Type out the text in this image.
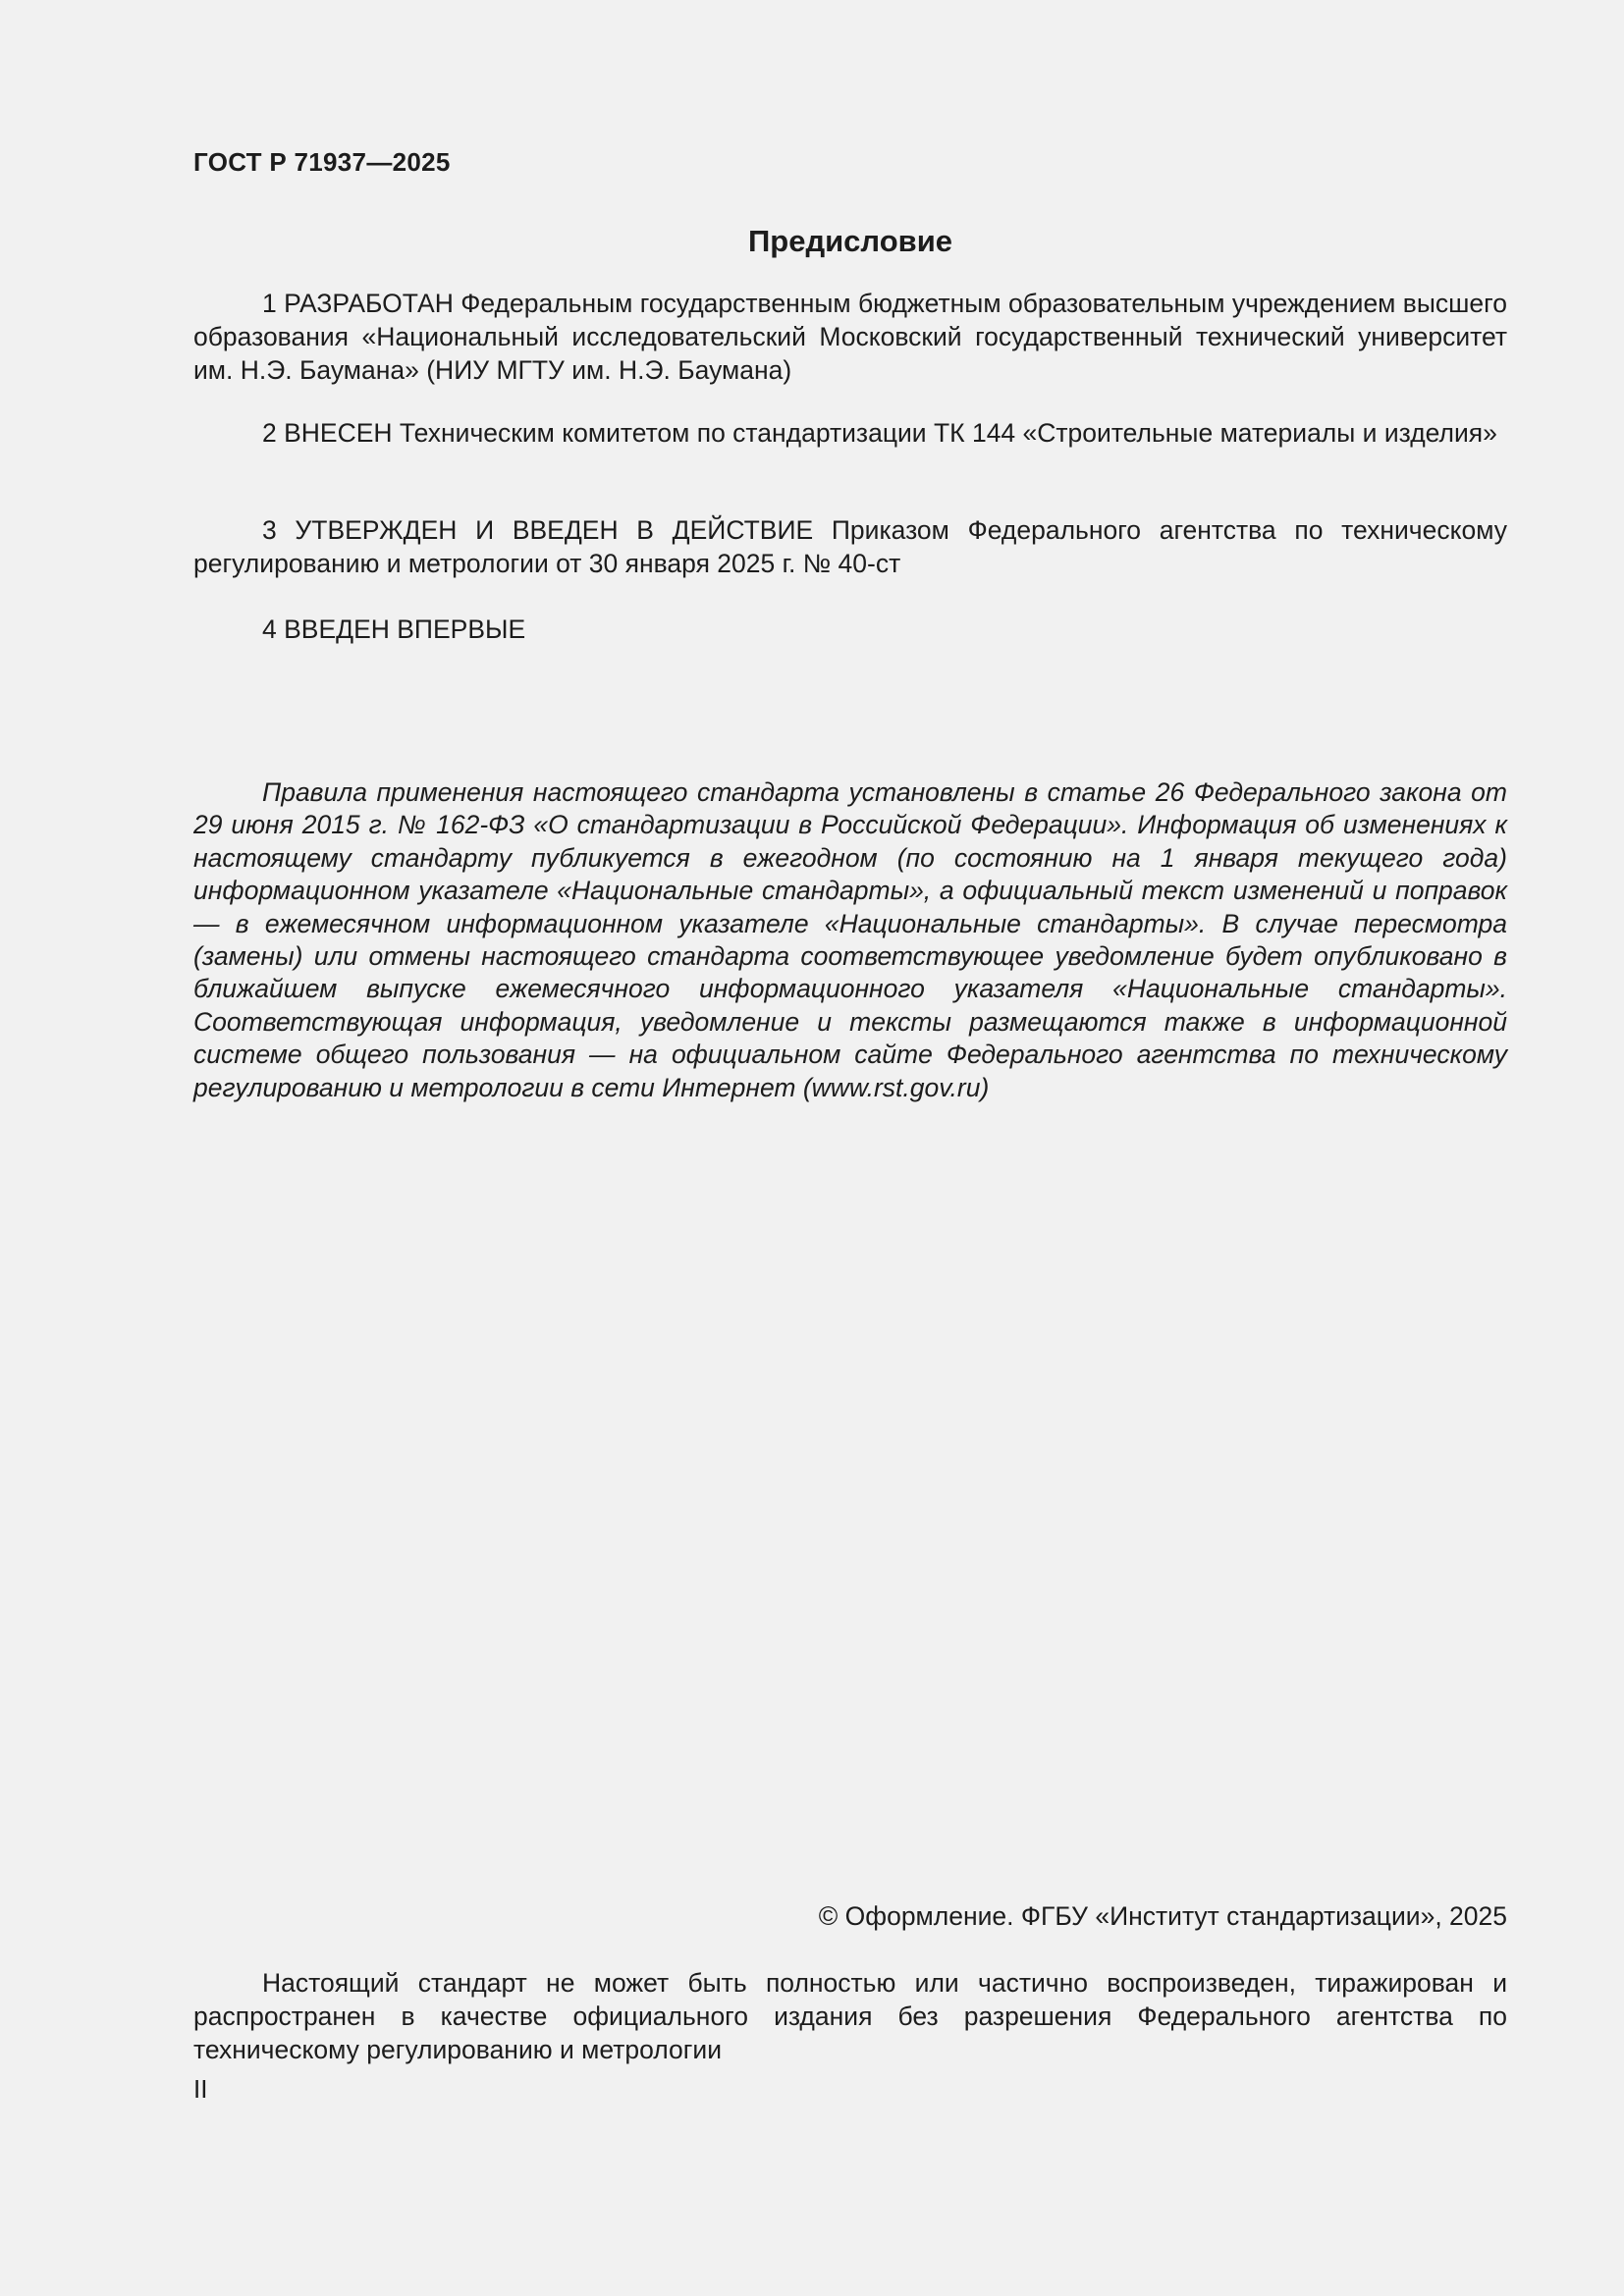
ГОСТ Р 71937—2025
Предисловие
1 РАЗРАБОТАН Федеральным государственным бюджетным образовательным учреждением высшего образования «Национальный исследовательский Московский государственный технический университет им. Н.Э. Баумана» (НИУ МГТУ им. Н.Э. Баумана)
2 ВНЕСЕН Техническим комитетом по стандартизации ТК 144 «Строительные материалы и изделия»
3 УТВЕРЖДЕН И ВВЕДЕН В ДЕЙСТВИЕ Приказом Федерального агентства по техническому регулированию и метрологии от 30 января 2025 г. № 40-ст
4 ВВЕДЕН ВПЕРВЫЕ
Правила применения настоящего стандарта установлены в статье 26 Федерального закона от 29 июня 2015 г. № 162-ФЗ «О стандартизации в Российской Федерации». Информация об изменениях к настоящему стандарту публикуется в ежегодном (по состоянию на 1 января текущего года) информационном указателе «Национальные стандарты», а официальный текст изменений и поправок — в ежемесячном информационном указателе «Национальные стандарты». В случае пересмотра (замены) или отмены настоящего стандарта соответствующее уведомление будет опубликовано в ближайшем выпуске ежемесячного информационного указателя «Национальные стандарты». Соответствующая информация, уведомление и тексты размещаются также в информационной системе общего пользования — на официальном сайте Федерального агентства по техническому регулированию и метрологии в сети Интернет (www.rst.gov.ru)
© Оформление. ФГБУ «Институт стандартизации», 2025
Настоящий стандарт не может быть полностью или частично воспроизведен, тиражирован и распространен в качестве официального издания без разрешения Федерального агентства по техническому регулированию и метрологии
II
